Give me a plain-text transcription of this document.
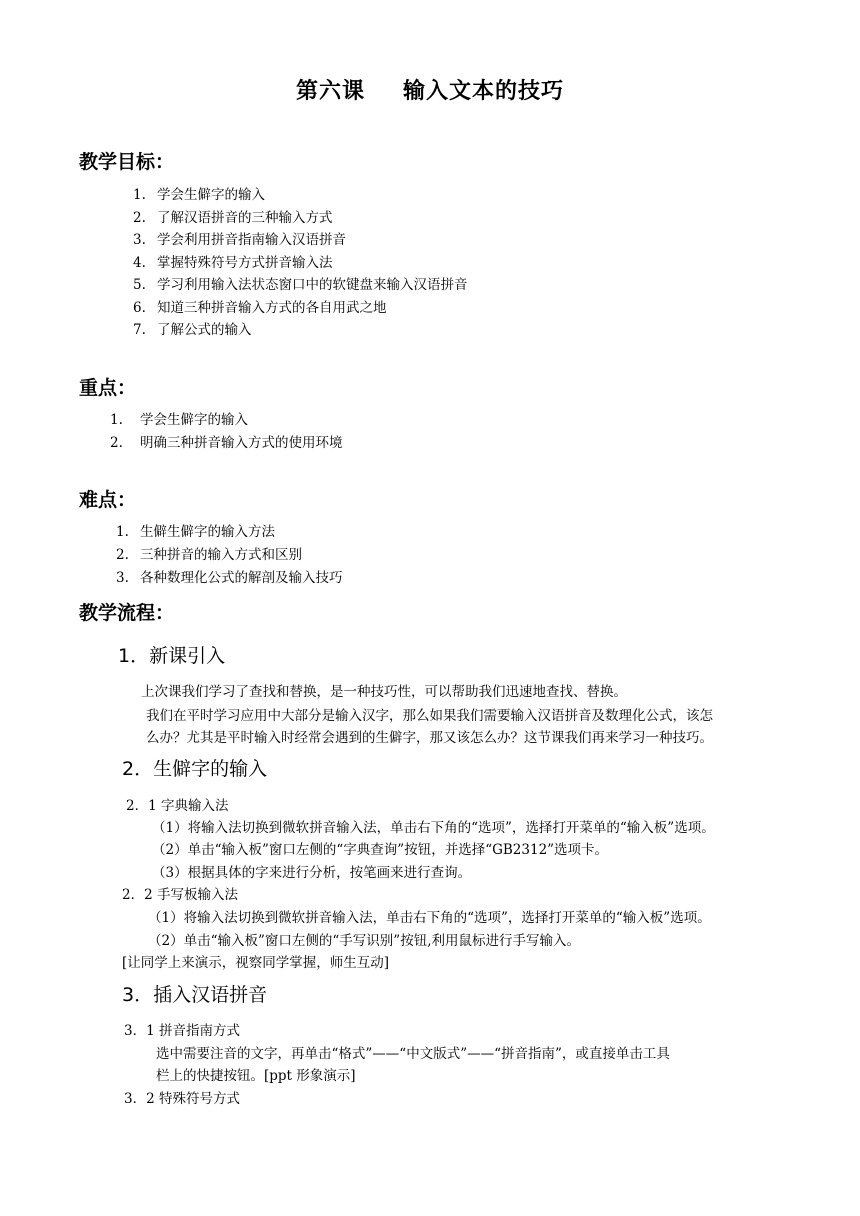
第六课 输入文本的技巧
教学目标：
1. 学会生僻字的输入
2. 了解汉语拼音的三种输入方式
3. 学会利用拼音指南输入汉语拼音
4. 掌握特殊符号方式拼音输入法
5. 学习利用输入法状态窗口中的软键盘来输入汉语拼音
6. 知道三种拼音输入方式的各自用武之地
7. 了解公式的输入
重点：
1. 学会生僻字的输入
2. 明确三种拼音输入方式的使用环境
难点：
1. 生僻生僻字的输入方法
2. 三种拼音的输入方式和区别
3. 各种数理化公式的解剖及输入技巧
教学流程：
1．新课引入
上次课我们学习了查找和替换，是一种技巧性，可以帮助我们迅速地查找、替换。
我们在平时学习应用中大部分是输入汉字，那么如果我们需要输入汉语拼音及数理化公式，该怎
么办？尤其是平时输入时经常会遇到的生僻字，那又该怎么办？这节课我们再来学习一种技巧。
2．生僻字的输入
2．1 字典输入法
（1）将输入法切换到微软拼音输入法，单击右下角的“选项”，选择打开菜单的“输入板”选项。
（2）单击“输入板”窗口左侧的“字典查询”按钮，并选择“GB2312”选项卡。
（3）根据具体的字来进行分析，按笔画来进行查询。
2．2 手写板输入法
（1）将输入法切换到微软拼音输入法，单击右下角的“选项”，选择打开菜单的“输入板”选项。
（2）单击“输入板”窗口左侧的“手写识别”按钮,利用鼠标进行手写输入。
[让同学上来演示，视察同学掌握，师生互动]
3．插入汉语拼音
3．1 拼音指南方式
选中需要注音的文字，再单击“格式”——“中文版式”——“拼音指南”，或直接单击工具
栏上的快捷按钮。[ppt 形象演示]
3．2 特殊符号方式
